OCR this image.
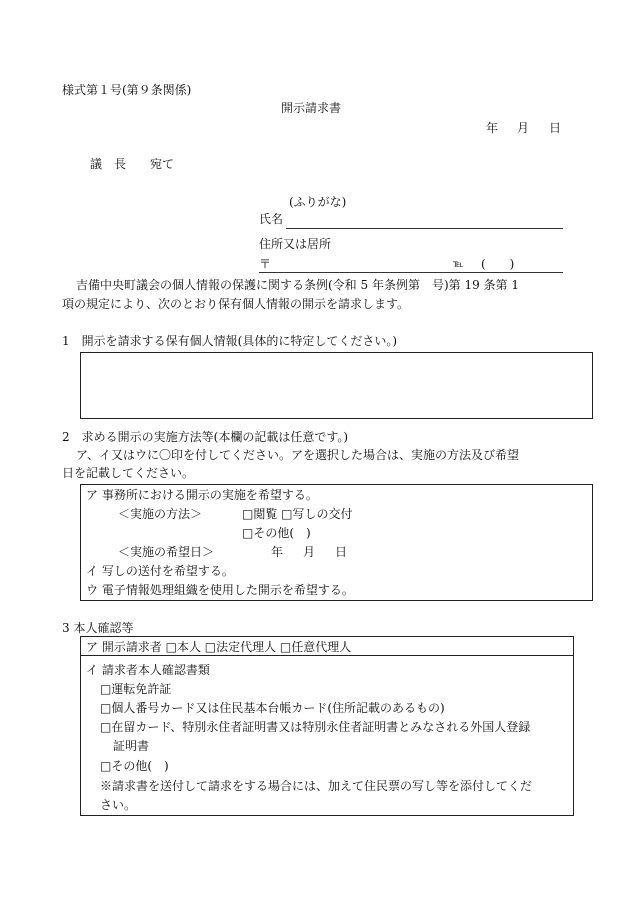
様式第１号(第９条関係)
開示請求書
年 月 日
議　長 宛て
(ふりがな)
氏名
住所又は居所
〒	℡ (　　)
吉備中央町議会の個人情報の保護に関する条例(令和 5 年条例第　号)第 19 条第 1
項の規定により、次のとおり保有個人情報の開示を請求します。
1　開示を請求する保有個人情報(具体的に特定してください。)
2　求める開示の実施方法等(本欄の記載は任意です。)
ア、イ又はウに〇印を付してください。アを選択した場合は、実施の方法及び希望
日を記載してください。
ア 事務所における開示の実施を希望する。
＜実施の方法＞	□閲覧 □写しの交付
□その他(　)
＜実施の希望日＞	年 月 日
イ 写しの送付を希望する。
ウ 電子情報処理組織を使用した開示を希望する。
3 本人確認等
ア 開示請求者 □本人 □法定代理人 □任意代理人
イ 請求者本人確認書類
□運転免許証
□個人番号カード又は住民基本台帳カード(住所記載のあるもの)
□在留カード、特別永住者証明書又は特別永住者証明書とみなされる外国人登録
証明書
□その他(　)
※請求書を送付して請求をする場合には、加えて住民票の写し等を添付してくだ
さい。
